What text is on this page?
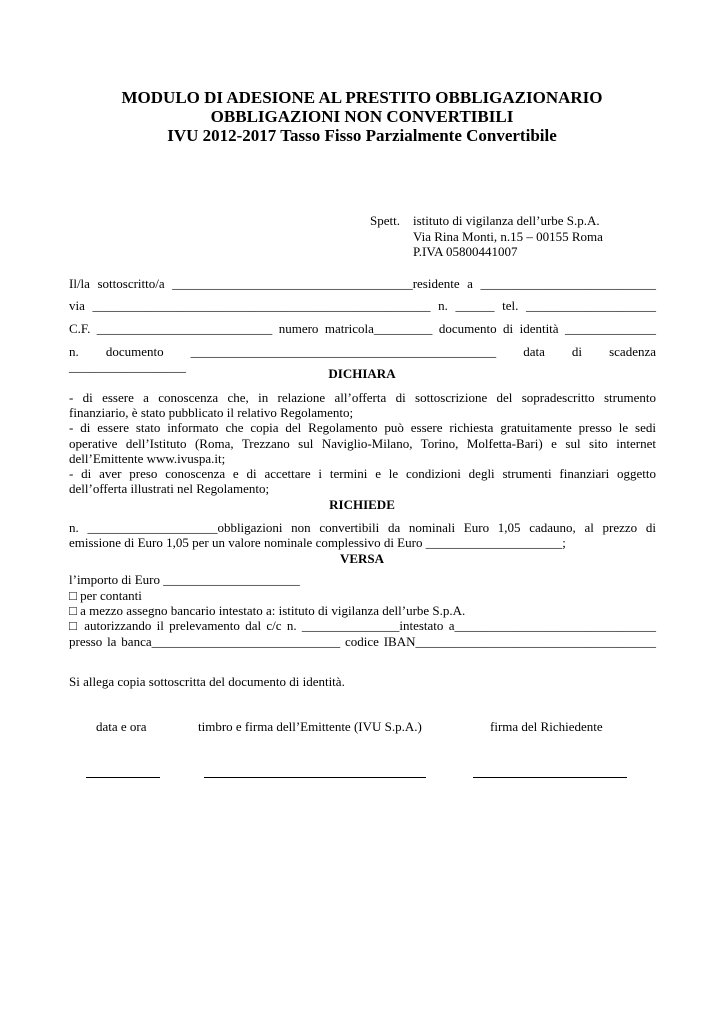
MODULO DI ADESIONE AL PRESTITO OBBLIGAZIONARIO
OBBLIGAZIONI NON CONVERTIBILI
IVU 2012-2017 Tasso Fisso Parzialmente Convertibile
Spett. istituto di vigilanza dell’urbe S.p.A.
Via Rina Monti, n.15 – 00155 Roma
P.IVA 05800441007
Il/la sottoscritto/a _____________________________________residente a ___________________________
via ____________________________________________________ n. ______ tel. ____________________
C.F. ___________________________ numero matricola_________ documento di identità ______________
n. documento _______________________________________________ data di scadenza __________________	DICHIARA
- di essere a conoscenza che, in relazione all’offerta di sottoscrizione del sopradescritto strumento
finanziario, è stato pubblicato il relativo Regolamento;
- di essere stato informato che copia del Regolamento può essere richiesta gratuitamente presso le sedi
operative dell’Istituto (Roma, Trezzano sul Naviglio-Milano, Torino, Molfetta-Bari) e sul sito internet
dell’Emittente www.ivuspa.it;
- di aver preso conoscenza e di accettare i termini e le condizioni degli strumenti finanziari oggetto
dell’offerta illustrati nel Regolamento;
RICHIEDE
n. ____________________obbligazioni non convertibili da nominali Euro 1,05 cadauno, al prezzo di
emissione di Euro 1,05 per un valore nominale complessivo di Euro _____________________;
VERSA
l’importo di Euro _____________________
□ per contanti
□ a mezzo assegno bancario intestato a: istituto di vigilanza dell’urbe S.p.A.
□ autorizzando il prelevamento dal c/c n. _______________intestato a_______________________________
presso la banca_____________________________ codice IBAN_____________________________________
Si allega copia sottoscritta del documento di identità.
data e ora	timbro e firma dell’Emittente (IVU S.p.A.)	firma del Richiedente
